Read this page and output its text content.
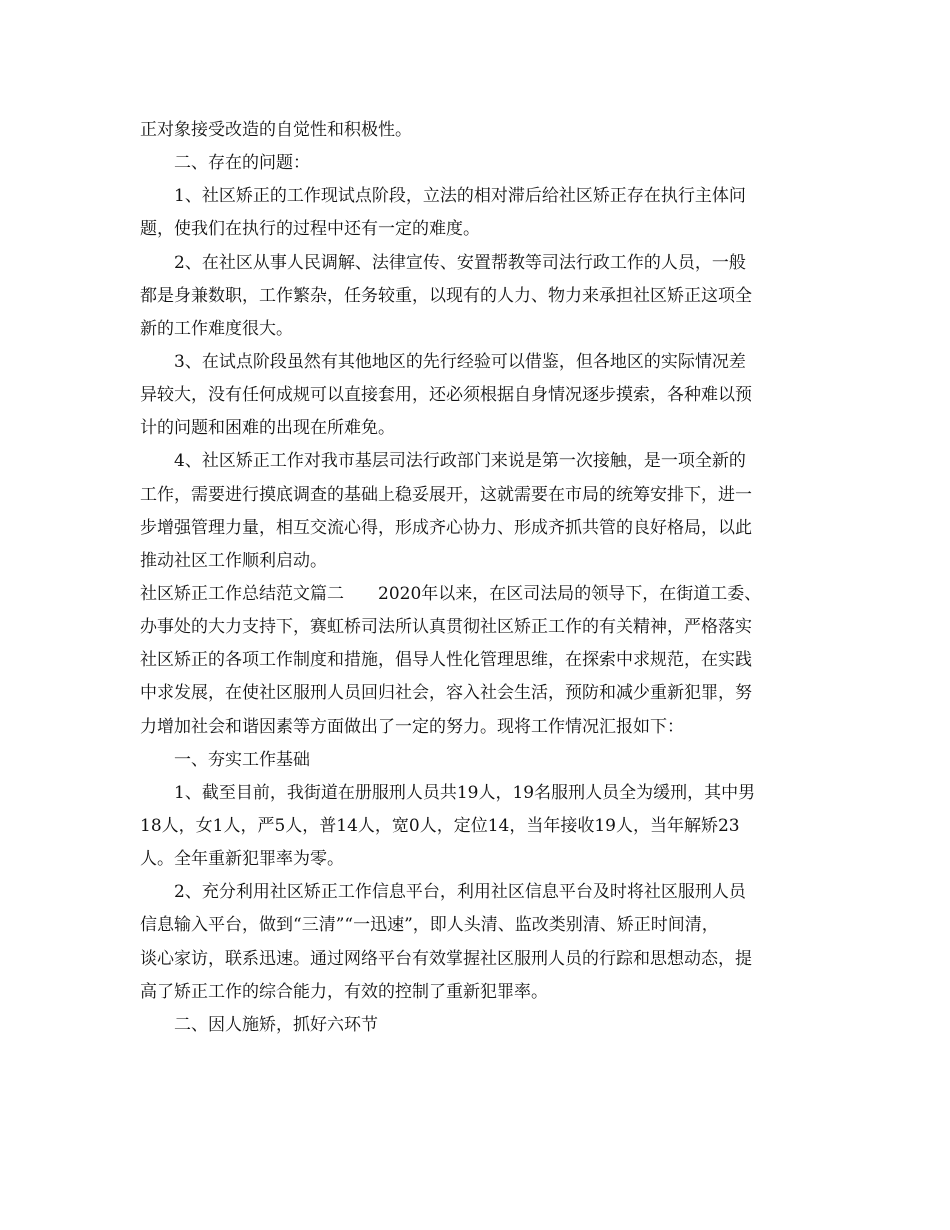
正对象接受改造的自觉性和积极性。
二、存在的问题：
1、社区矫正的工作现试点阶段，立法的相对滞后给社区矫正存在执行主体问
题，使我们在执行的过程中还有一定的难度。
2、在社区从事人民调解、法律宣传、安置帮教等司法行政工作的人员，一般
都是身兼数职，工作繁杂，任务较重，以现有的人力、物力来承担社区矫正这项全
新的工作难度很大。
3、在试点阶段虽然有其他地区的先行经验可以借鉴，但各地区的实际情况差
异较大，没有任何成规可以直接套用，还必须根据自身情况逐步摸索，各种难以预
计的问题和困难的出现在所难免。
4、社区矫正工作对我市基层司法行政部门来说是第一次接触，是一项全新的
工作，需要进行摸底调查的基础上稳妥展开，这就需要在市局的统筹安排下，进一
步增强管理力量，相互交流心得，形成齐心协力、形成齐抓共管的良好格局，以此
推动社区工作顺利启动。
社区矫正工作总结范文篇二　　2020年以来，在区司法局的领导下，在街道工委、
办事处的大力支持下，赛虹桥司法所认真贯彻社区矫正工作的有关精神，严格落实
社区矫正的各项工作制度和措施，倡导人性化管理思维，在探索中求规范，在实践
中求发展，在使社区服刑人员回归社会，容入社会生活，预防和减少重新犯罪，努
力增加社会和谐因素等方面做出了一定的努力。现将工作情况汇报如下：
一、夯实工作基础
1、截至目前，我街道在册服刑人员共19人，19名服刑人员全为缓刑，其中男
18人，女1人，严5人，普14人，宽0人，定位14，当年接收19人，当年解矫23
人。全年重新犯罪率为零。
2、充分利用社区矫正工作信息平台，利用社区信息平台及时将社区服刑人员
信息输入平台，做到“三清”“一迅速”，即人头清、监改类别清、矫正时间清，
谈心家访，联系迅速。通过网络平台有效掌握社区服刑人员的行踪和思想动态，提
高了矫正工作的综合能力，有效的控制了重新犯罪率。
二、因人施矫，抓好六环节
